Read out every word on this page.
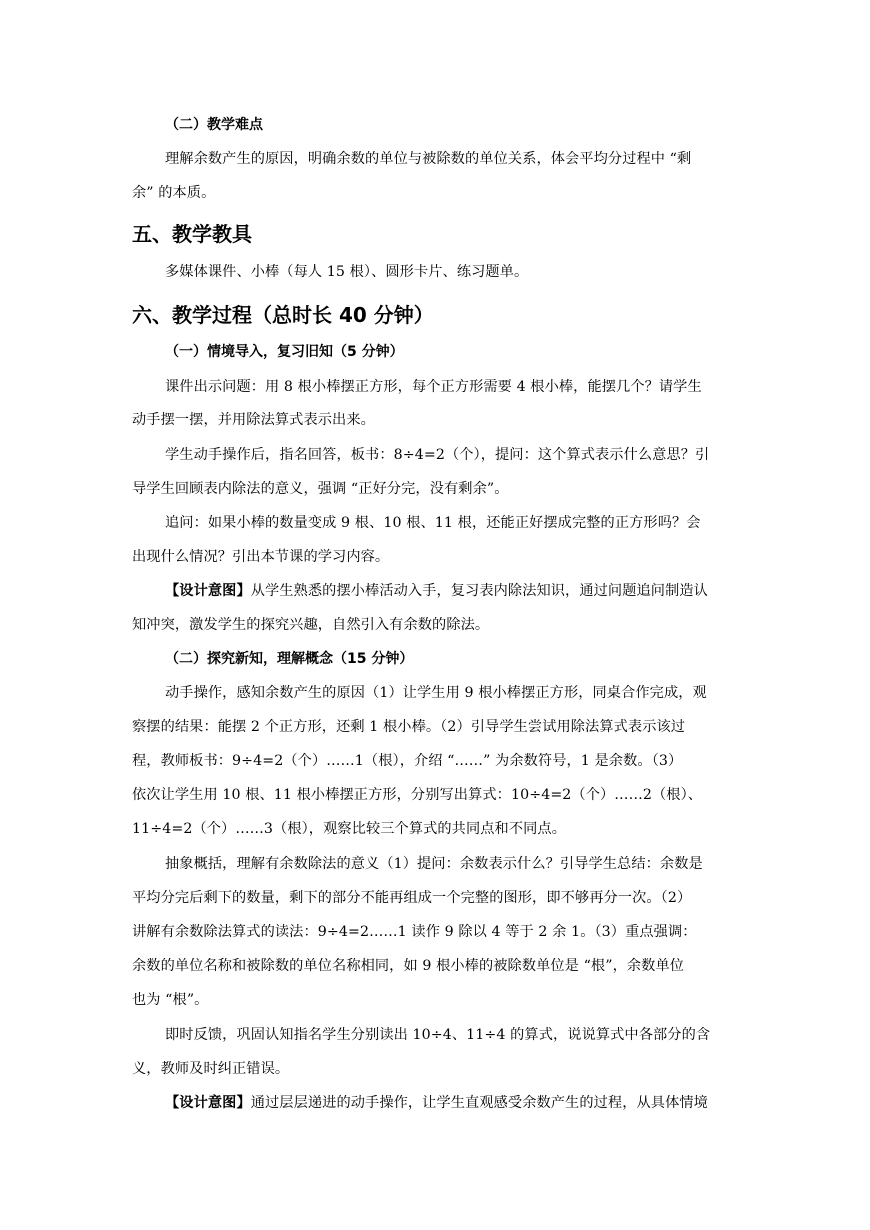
（二）教学难点
理解余数产生的原因，明确余数的单位与被除数的单位关系，体会平均分过程中 “剩
余” 的本质。
五、教学教具
多媒体课件、小棒（每人 15 根）、圆形卡片、练习题单。
六、教学过程（总时长 40 分钟）
（一）情境导入，复习旧知（5 分钟）
课件出示问题：用 8 根小棒摆正方形，每个正方形需要 4 根小棒，能摆几个？请学生
动手摆一摆，并用除法算式表示出来。
学生动手操作后，指名回答，板书：8÷4=2（个），提问：这个算式表示什么意思？引
导学生回顾表内除法的意义，强调 “正好分完，没有剩余”。
追问：如果小棒的数量变成 9 根、10 根、11 根，还能正好摆成完整的正方形吗？会
出现什么情况？引出本节课的学习内容。
【设计意图】从学生熟悉的摆小棒活动入手，复习表内除法知识，通过问题追问制造认
知冲突，激发学生的探究兴趣，自然引入有余数的除法。
（二）探究新知，理解概念（15 分钟）
动手操作，感知余数产生的原因（1）让学生用 9 根小棒摆正方形，同桌合作完成，观
察摆的结果：能摆 2 个正方形，还剩 1 根小棒。（2）引导学生尝试用除法算式表示该过
程，教师板书：9÷4=2（个）……1（根），介绍 “……” 为余数符号，1 是余数。（3）
依次让学生用 10 根、11 根小棒摆正方形，分别写出算式：10÷4=2（个）……2（根）、
11÷4=2（个）……3（根），观察比较三个算式的共同点和不同点。
抽象概括，理解有余数除法的意义（1）提问：余数表示什么？引导学生总结：余数是
平均分完后剩下的数量，剩下的部分不能再组成一个完整的图形，即不够再分一次。（2）
讲解有余数除法算式的读法：9÷4=2……1 读作 9 除以 4 等于 2 余 1。（3）重点强调：
余数的单位名称和被除数的单位名称相同，如 9 根小棒的被除数单位是 “根”，余数单位
也为 “根”。
即时反馈，巩固认知指名学生分别读出 10÷4、11÷4 的算式，说说算式中各部分的含
义，教师及时纠正错误。
【设计意图】通过层层递进的动手操作，让学生直观感受余数产生的过程，从具体情境
